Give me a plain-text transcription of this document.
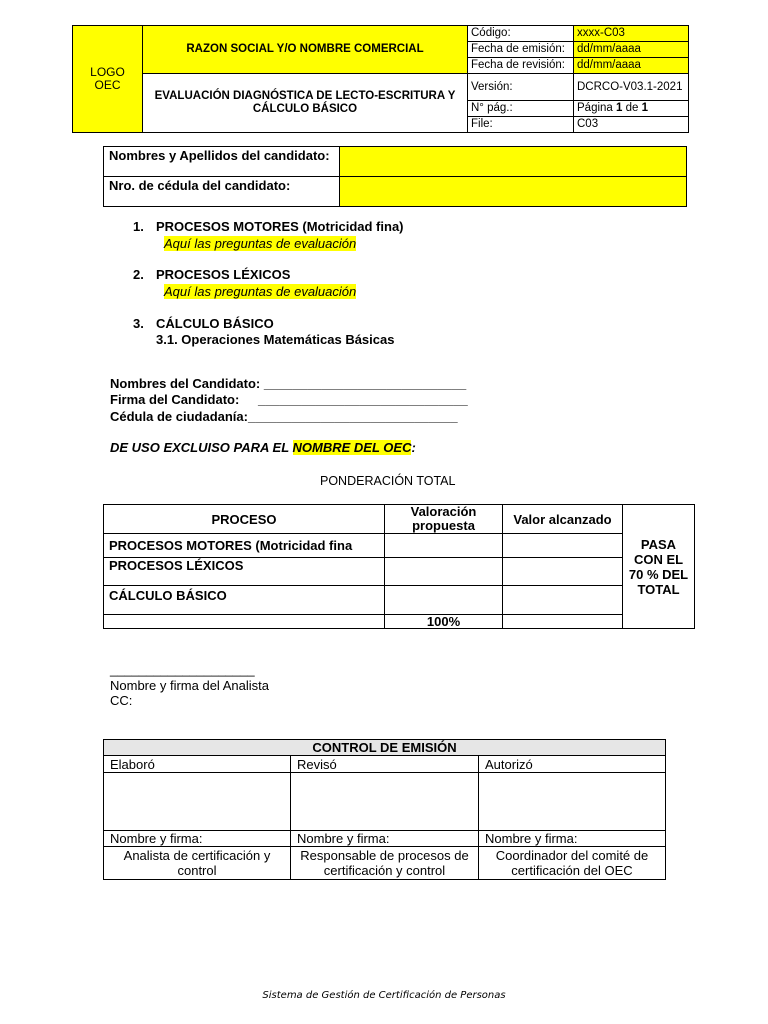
LOGO OEC	RAZON SOCIAL Y/O NOMBRE COMERCIAL	Código:	xxxx-C03
		Fecha de emisión:	dd/mm/aaaa
		Fecha de revisión:	dd/mm/aaaa
	EVALUACIÓN DIAGNÓSTICA DE LECTO-ESCRITURA Y CÁLCULO BÁSICO	Versión:	DCRCO-V03.1-2021
		N° pág.:	Página 1 de 1
		File:	C03
Nombres y Apellidos del candidato:	
Nro. de cédula del candidato:	
1. PROCESOS MOTORES (Motricidad fina)
Aquí las preguntas de evaluación
2. PROCESOS LÉXICOS
Aquí las preguntas de evaluación
3. CÁLCULO BÁSICO
3.1. Operaciones Matemáticas Básicas
Nombres del Candidato: ____________________________
Firma del Candidato: _____________________________
Cédula de ciudadanía:_____________________________
DE USO EXCLUISO PARA EL NOMBRE DEL OEC:
PONDERACIÓN TOTAL
PROCESO	Valoración propuesta	Valor alcanzado	PASA CON EL 70 % DEL TOTAL
PROCESOS MOTORES (Motricidad fina			
PROCESOS LÉXICOS			
CÁLCULO BÁSICO			
	100%		
____________________
Nombre y firma del Analista
CC:
CONTROL DE EMISIÓN		
Elaboró	Revisó	Autorizó

Nombre y firma:	Nombre y firma:	Nombre y firma:
Analista de certificación y control	Responsable de procesos de certificación y control	Coordinador del comité de certificación del OEC
Sistema de Gestión de Certificación de Personas
